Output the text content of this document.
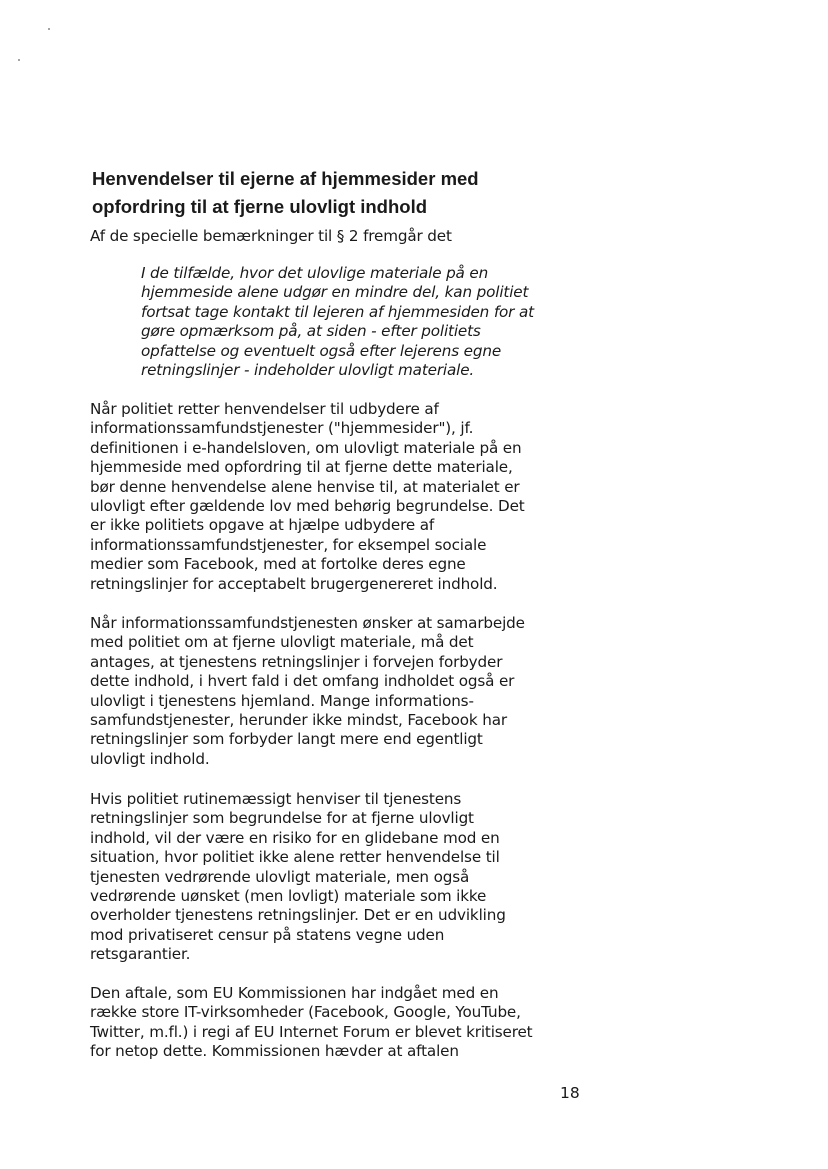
Henvendelser til ejerne af hjemmesider med
opfordring til at fjerne ulovligt indhold

Af de specielle bemærkninger til § 2 fremgår det

I de tilfælde, hvor det ulovlige materiale på en
hjemmeside alene udgør en mindre del, kan politiet
fortsat tage kontakt til lejeren af hjemmesiden for at
gøre opmærksom på, at siden - efter politiets
opfattelse og eventuelt også efter lejerens egne
retningslinjer - indeholder ulovligt materiale.

Når politiet retter henvendelser til udbydere af
informationssamfundstjenester ("hjemmesider"), jf.
definitionen i e-handelsloven, om ulovligt materiale på en
hjemmeside med opfordring til at fjerne dette materiale,
bør denne henvendelse alene henvise til, at materialet er
ulovligt efter gældende lov med behørig begrundelse. Det
er ikke politiets opgave at hjælpe udbydere af
informationssamfundstjenester, for eksempel sociale
medier som Facebook, med at fortolke deres egne
retningslinjer for acceptabelt brugergenereret indhold.

Når informationssamfundstjenesten ønsker at samarbejde
med politiet om at fjerne ulovligt materiale, må det
antages, at tjenestens retningslinjer i forvejen forbyder
dette indhold, i hvert fald i det omfang indholdet også er
ulovligt i tjenestens hjemland. Mange informations-
samfundstjenester, herunder ikke mindst, Facebook har
retningslinjer som forbyder langt mere end egentligt
ulovligt indhold.

Hvis politiet rutinemæssigt henviser til tjenestens
retningslinjer som begrundelse for at fjerne ulovligt
indhold, vil der være en risiko for en glidebane mod en
situation, hvor politiet ikke alene retter henvendelse til
tjenesten vedrørende ulovligt materiale, men også
vedrørende uønsket (men lovligt) materiale som ikke
overholder tjenestens retningslinjer. Det er en udvikling
mod privatiseret censur på statens vegne uden
retsgarantier.

Den aftale, som EU Kommissionen har indgået med en
række store IT-virksomheder (Facebook, Google, YouTube,
Twitter, m.fl.) i regi af EU Internet Forum er blevet kritiseret
for netop dette. Kommissionen hævder at aftalen

18
